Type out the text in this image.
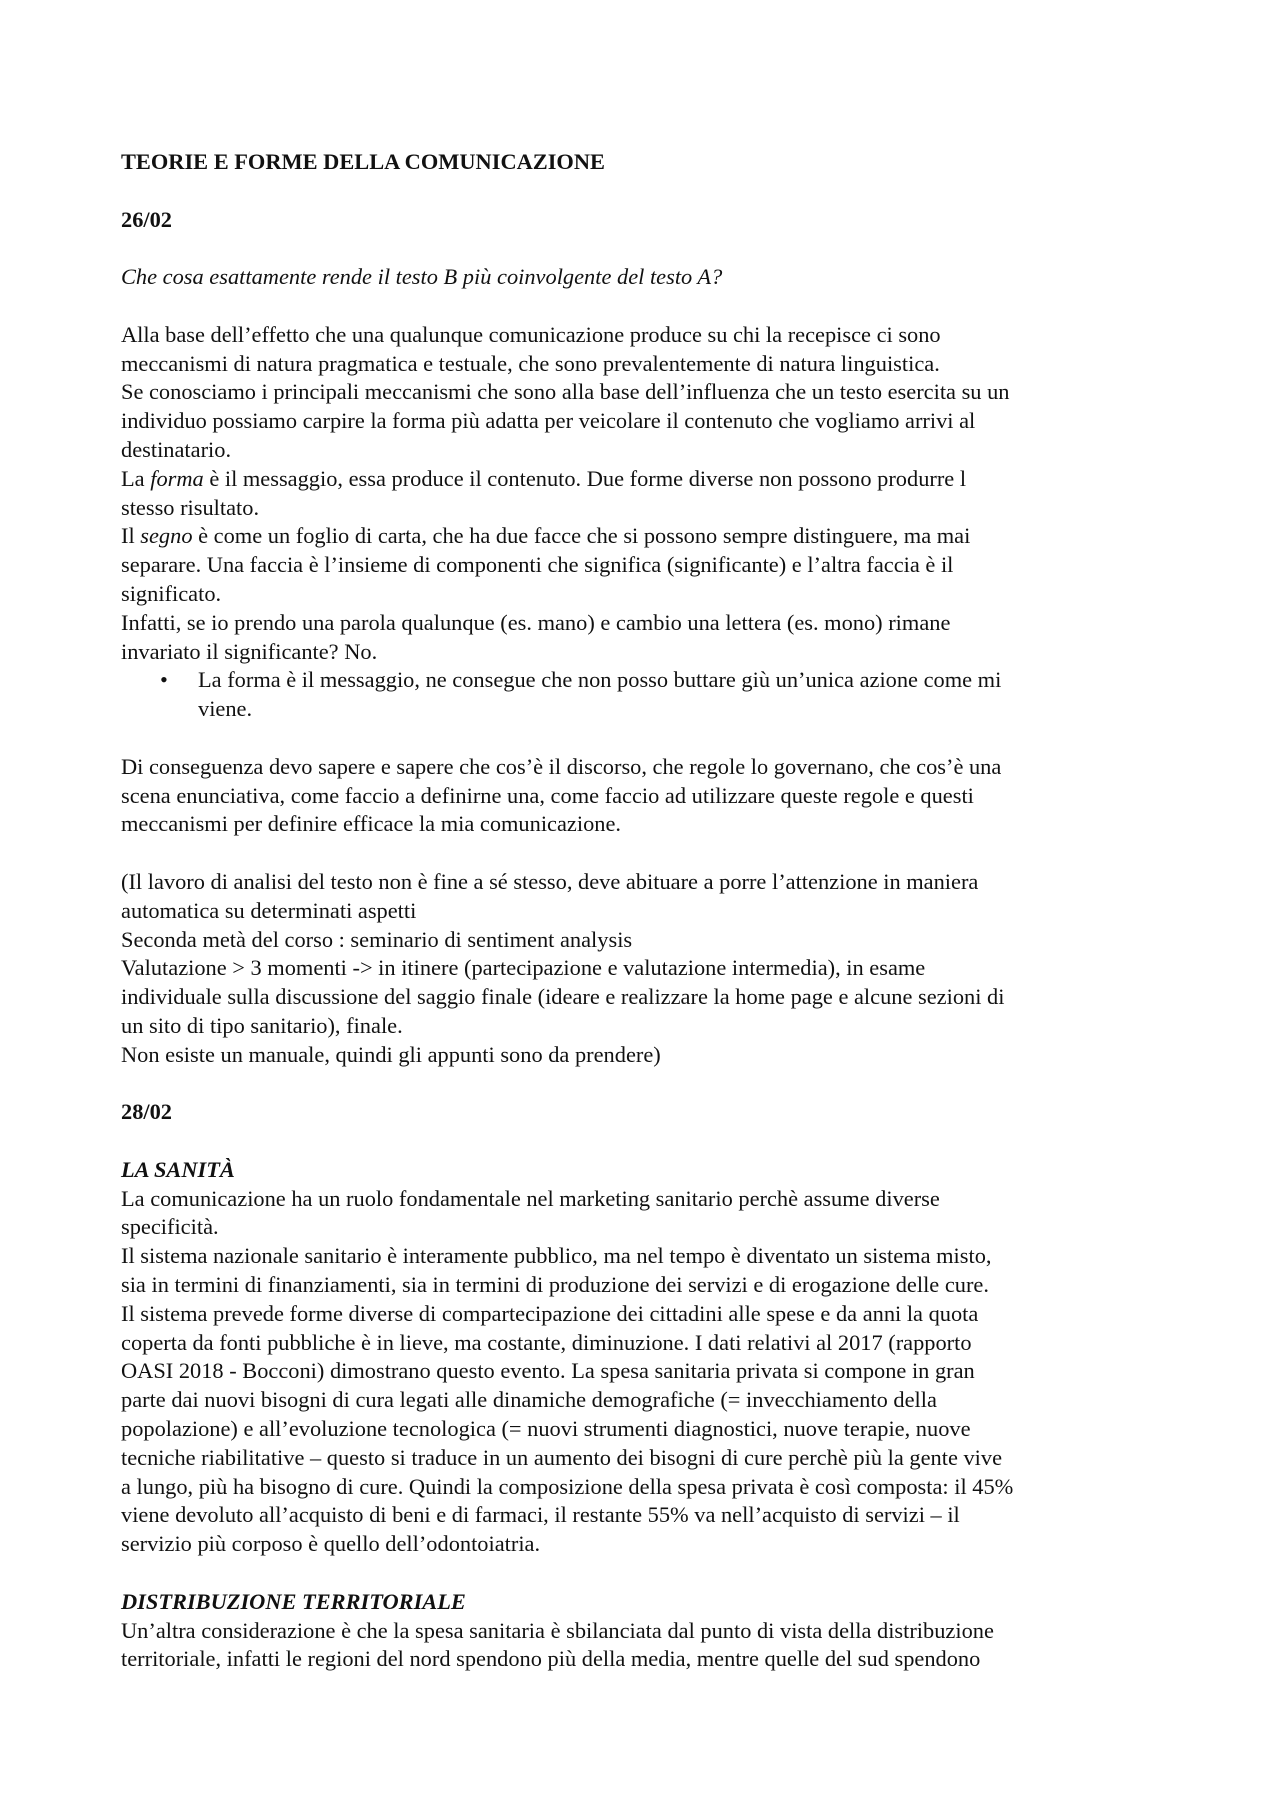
TEORIE E FORME DELLA COMUNICAZIONE
26/02
Che cosa esattamente rende il testo B più coinvolgente del testo A?
Alla base dell’effetto che una qualunque comunicazione produce su chi la recepisce ci sono
meccanismi di natura pragmatica e testuale, che sono prevalentemente di natura linguistica.
Se conosciamo i principali meccanismi che sono alla base dell’influenza che un testo esercita su un
individuo possiamo carpire la forma più adatta per veicolare il contenuto che vogliamo arrivi al
destinatario.
La forma è il messaggio, essa produce il contenuto. Due forme diverse non possono produrre l
stesso risultato.
Il segno è come un foglio di carta, che ha due facce che si possono sempre distinguere, ma mai
separare. Una faccia è l’insieme di componenti che significa (significante) e l’altra faccia è il
significato.
Infatti, se io prendo una parola qualunque (es. mano) e cambio una lettera (es. mono) rimane
invariato il significante? No.
• La forma è il messaggio, ne consegue che non posso buttare giù un’unica azione come mi
viene.
Di conseguenza devo sapere e sapere che cos’è il discorso, che regole lo governano, che cos’è una
scena enunciativa, come faccio a definirne una, come faccio ad utilizzare queste regole e questi
meccanismi per definire efficace la mia comunicazione.
(Il lavoro di analisi del testo non è fine a sé stesso, deve abituare a porre l’attenzione in maniera
automatica su determinati aspetti
Seconda metà del corso : seminario di sentiment analysis
Valutazione > 3 momenti -> in itinere (partecipazione e valutazione intermedia), in esame
individuale sulla discussione del saggio finale (ideare e realizzare la home page e alcune sezioni di
un sito di tipo sanitario), finale.
Non esiste un manuale, quindi gli appunti sono da prendere)
28/02
LA SANITÀ
La comunicazione ha un ruolo fondamentale nel marketing sanitario perchè assume diverse
specificità.
Il sistema nazionale sanitario è interamente pubblico, ma nel tempo è diventato un sistema misto,
sia in termini di finanziamenti, sia in termini di produzione dei servizi e di erogazione delle cure.
Il sistema prevede forme diverse di compartecipazione dei cittadini alle spese e da anni la quota
coperta da fonti pubbliche è in lieve, ma costante, diminuzione. I dati relativi al 2017 (rapporto
OASI 2018 - Bocconi) dimostrano questo evento. La spesa sanitaria privata si compone in gran
parte dai nuovi bisogni di cura legati alle dinamiche demografiche (= invecchiamento della
popolazione) e all’evoluzione tecnologica (= nuovi strumenti diagnostici, nuove terapie, nuove
tecniche riabilitative – questo si traduce in un aumento dei bisogni di cure perchè più la gente vive
a lungo, più ha bisogno di cure. Quindi la composizione della spesa privata è così composta: il 45%
viene devoluto all’acquisto di beni e di farmaci, il restante 55% va nell’acquisto di servizi – il
servizio più corposo è quello dell’odontoiatria.
DISTRIBUZIONE TERRITORIALE
Un’altra considerazione è che la spesa sanitaria è sbilanciata dal punto di vista della distribuzione
territoriale, infatti le regioni del nord spendono più della media, mentre quelle del sud spendono
